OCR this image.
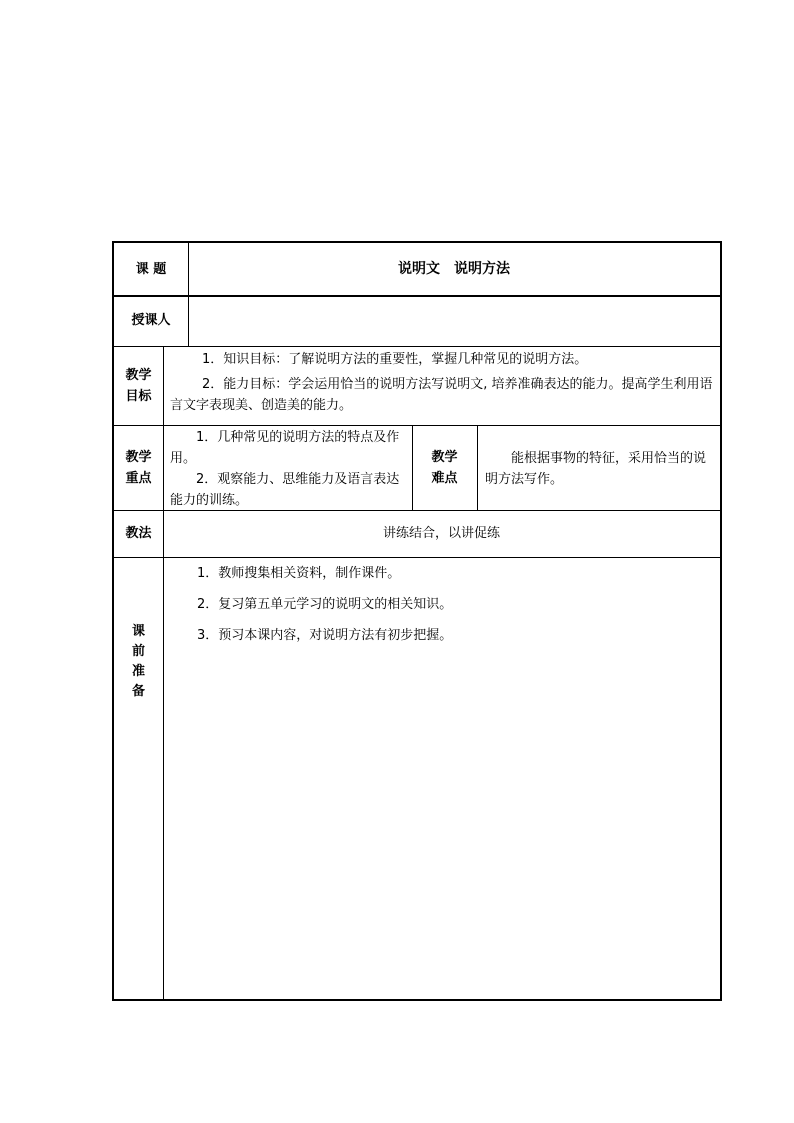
课 题	说明文　说明方法
授课人
教学
目标

1．知识目标：了解说明方法的重要性，掌握几种常见的说明方法。

2．能力目标：学会运用恰当的说明方法写说明文, 培养准确表达的能力。提高学生利用语言文字表现美、创造美的能力。

教学
重点

1．几种常见的说明方法的特点及作用。

2．观察能力、思维能力及语言表达能力的训练。

教学
难点

能根据事物的特征，采用恰当的说明方法写作。

教法	讲练结合，以讲促练
课
前
准
备

1．教师搜集相关资料，制作课件。

2．复习第五单元学习的说明文的相关知识。

3．预习本课内容，对说明方法有初步把握。
